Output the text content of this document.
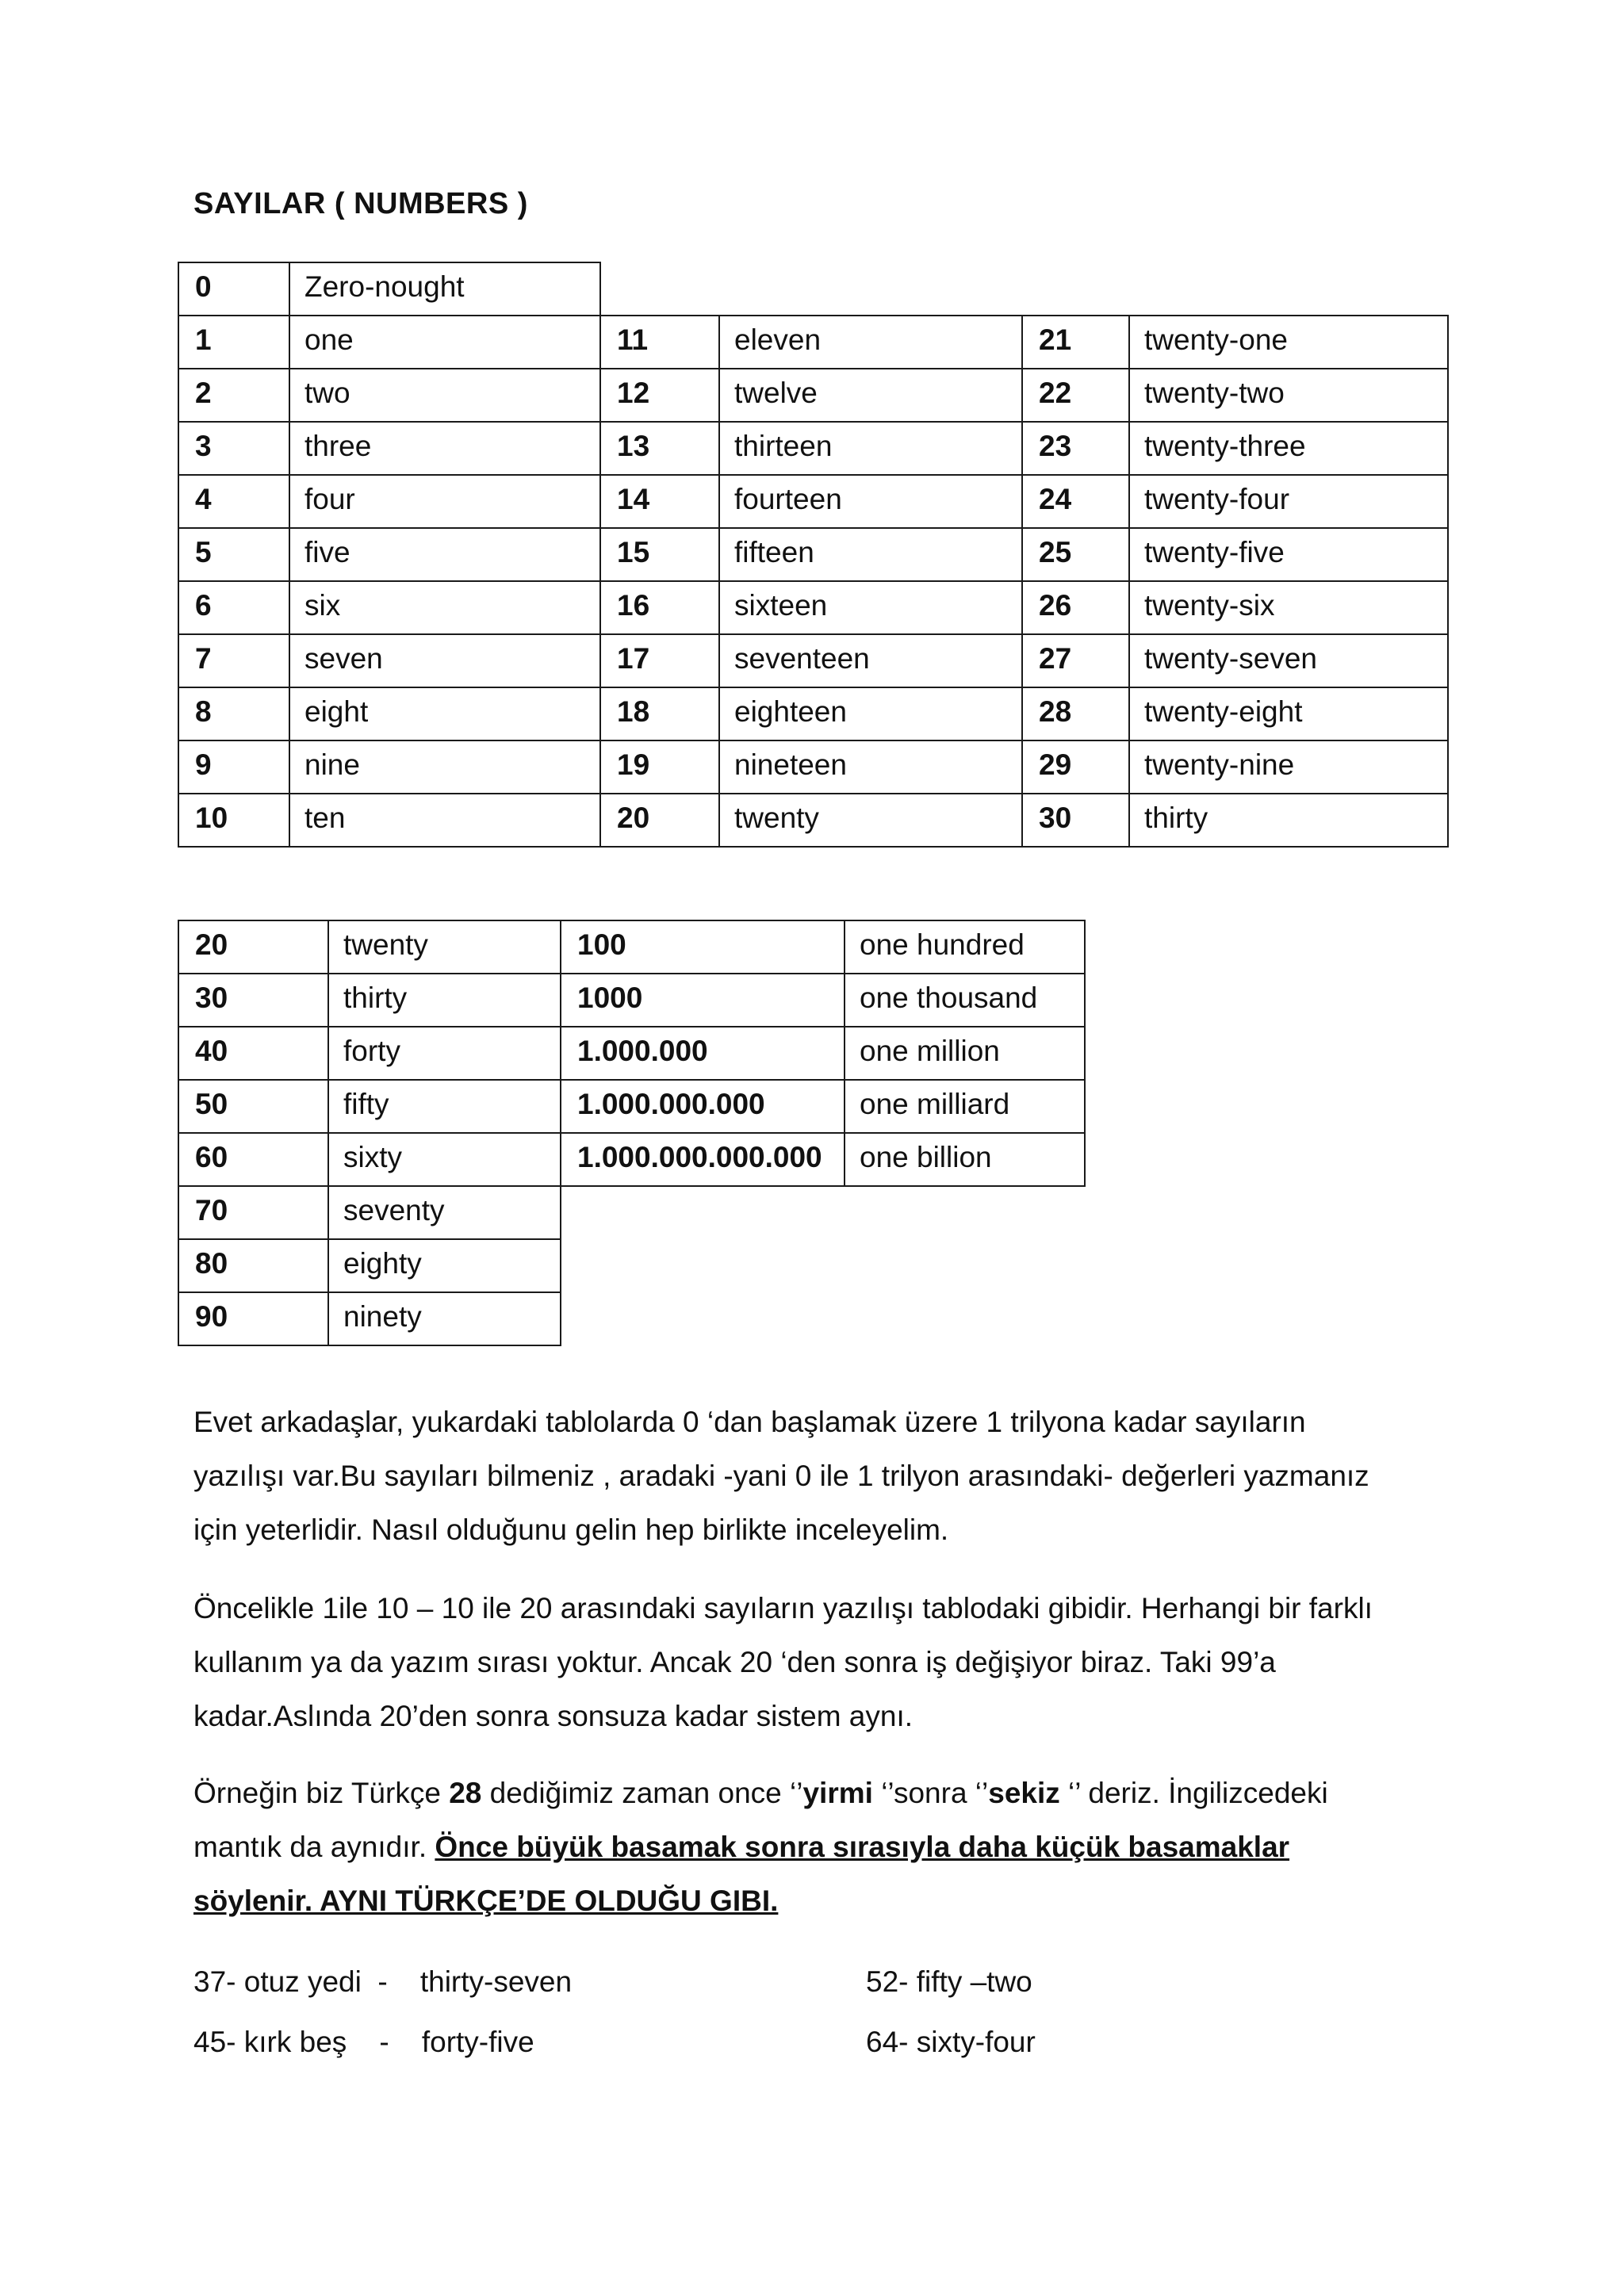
SAYILAR ( NUMBERS )
0	Zero-nought				
1	one	11	eleven	21	twenty-one
2	two	12	twelve	22	twenty-two
3	three	13	thirteen	23	twenty-three
4	four	14	fourteen	24	twenty-four
5	five	15	fifteen	25	twenty-five
6	six	16	sixteen	26	twenty-six
7	seven	17	seventeen	27	twenty-seven
8	eight	18	eighteen	28	twenty-eight
9	nine	19	nineteen	29	twenty-nine
10	ten	20	twenty	30	thirty
20	twenty	100	one hundred
30	thirty	1000	one thousand
40	forty	1.000.000	one million
50	fifty	1.000.000.000	one milliard
60	sixty	1.000.000.000.000	one billion
70	seventy		
80	eighty		
90	ninety		

Evet arkadaşlar, yukardaki tablolarda 0 ‘dan başlamak üzere 1 trilyona kadar sayıların

yazılışı var.Bu sayıları bilmeniz , aradaki -yani 0 ile 1 trilyon arasındaki- değerleri yazmanız

için yeterlidir. Nasıl olduğunu gelin hep birlikte inceleyelim.

Öncelikle 1ile 10 – 10 ile 20 arasındaki sayıların yazılışı tablodaki gibidir. Herhangi bir farklı

kullanım ya da yazım sırası yoktur. Ancak 20 ‘den sonra iş değişiyor biraz. Taki 99’a

kadar.Aslında 20’den sonra sonsuza kadar sistem aynı.

Örneğin biz Türkçe 28 dediğimiz zaman once ‘’yirmi ‘’sonra ‘’sekiz ‘’ deriz. İngilizcedeki

mantık da aynıdır. Önce büyük basamak sonra sırasıyla daha küçük basamaklar

söylenir. AYNI TÜRKÇE’DE OLDUĞU GIBI.

37- otuz yedi  -    thirty-seven
45- kırk beş    -    forty-five
52- fifty –two
64- sixty-four
